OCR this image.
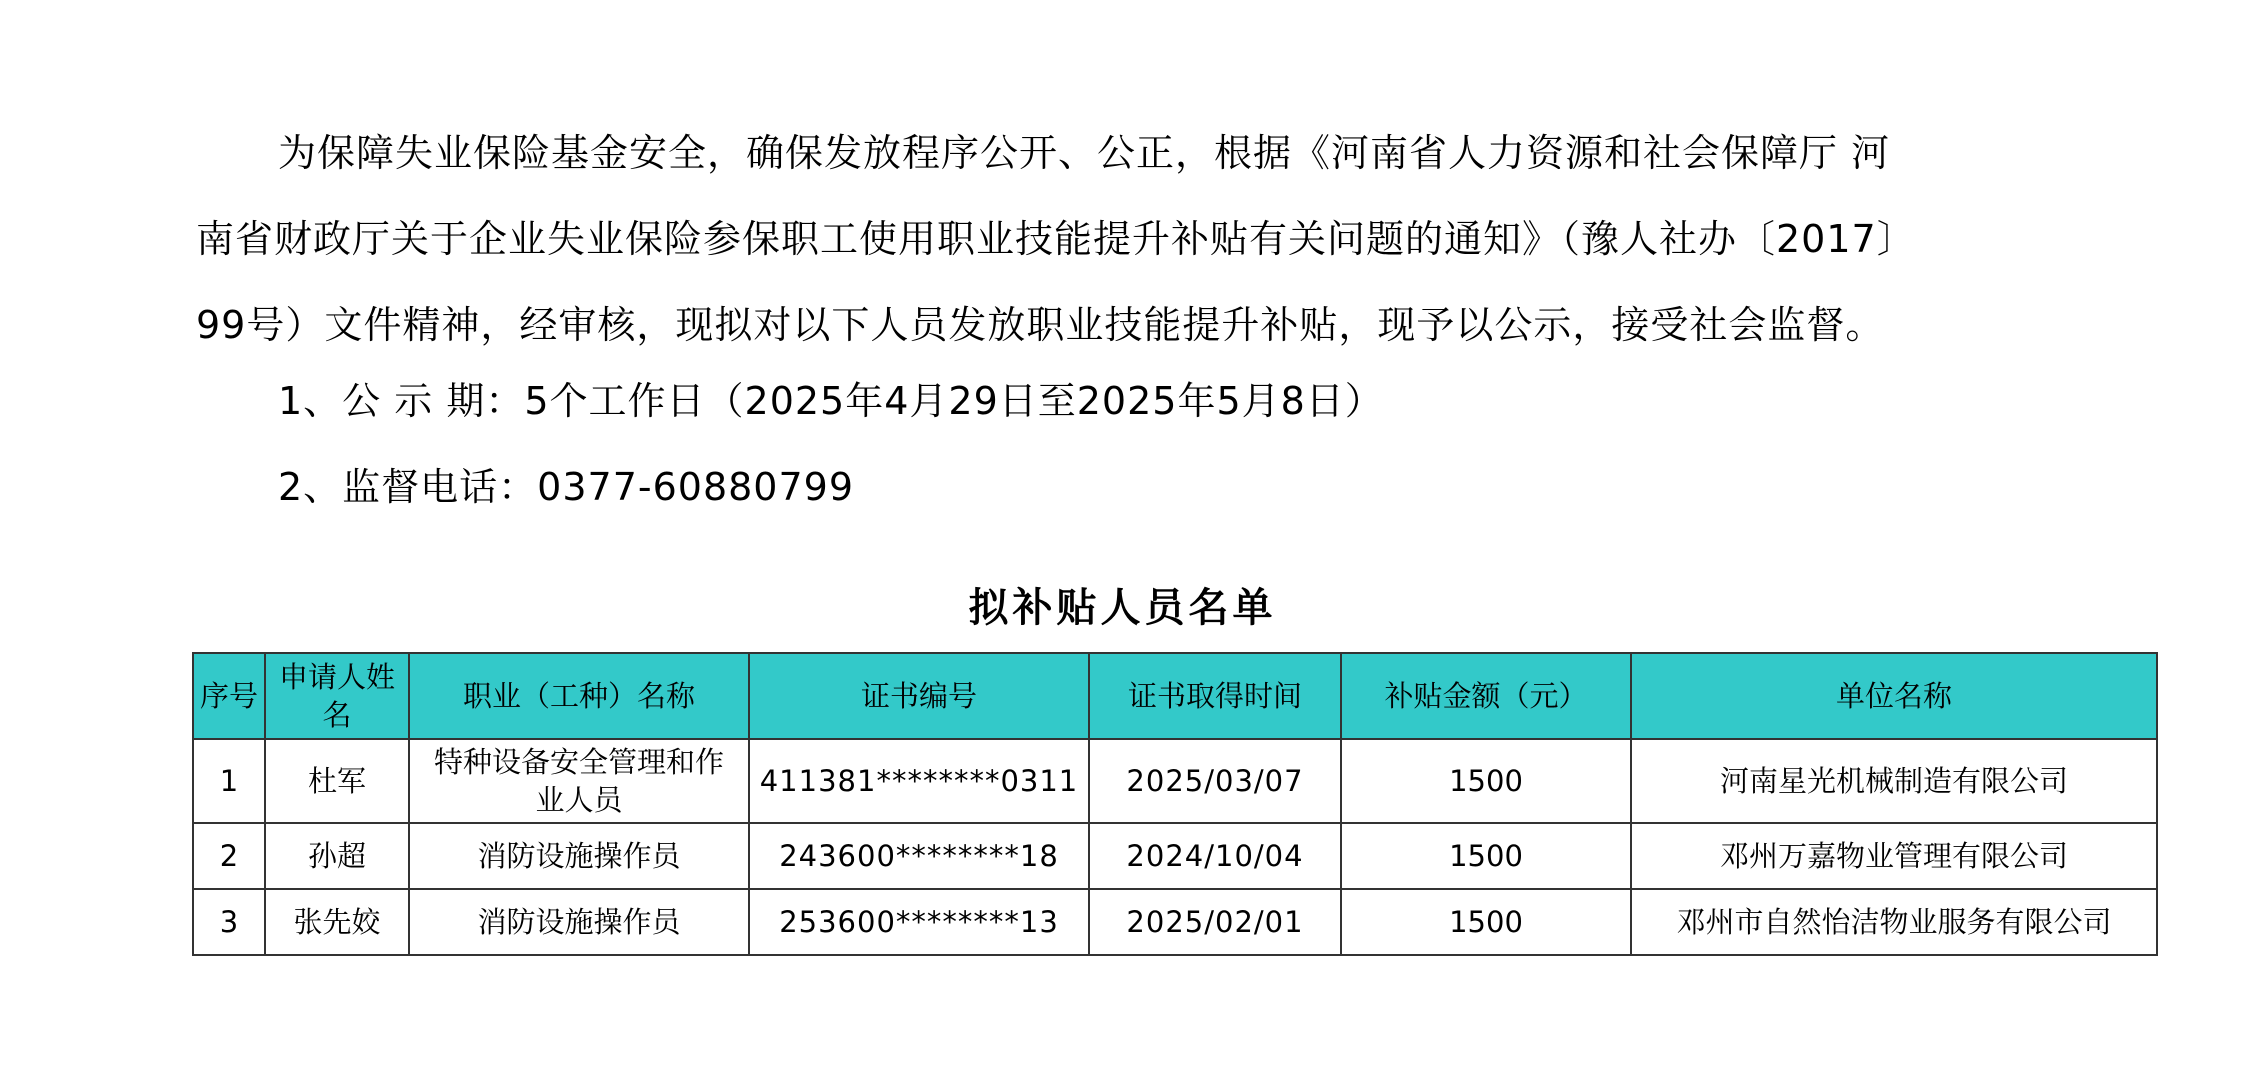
为保障失业保险基金安全，确保发放程序公开、公正，根据《河南省人力资源和社会保障厅 河
南省财政厅关于企业失业保险参保职工使用职业技能提升补贴有关问题的通知》（豫人社办〔2017〕
99号）文件精神，经审核，现拟对以下人员发放职业技能提升补贴，现予以公示，接受社会监督。
1、公 示 期：5个工作日（2025年4月29日至2025年5月8日）
2、监督电话：0377-60880799
拟补贴人员名单
序号	申请人姓名	职业（工种）名称	证书编号	证书取得时间	补贴金额（元）	单位名称
1	杜军	特种设备安全管理和作业人员	411381********0311	2025/03/07	1500	河南星光机械制造有限公司
2	孙超	消防设施操作员	243600********18	2024/10/04	1500	邓州万嘉物业管理有限公司
3	张先姣	消防设施操作员	253600********13	2025/02/01	1500	邓州市自然怡洁物业服务有限公司
